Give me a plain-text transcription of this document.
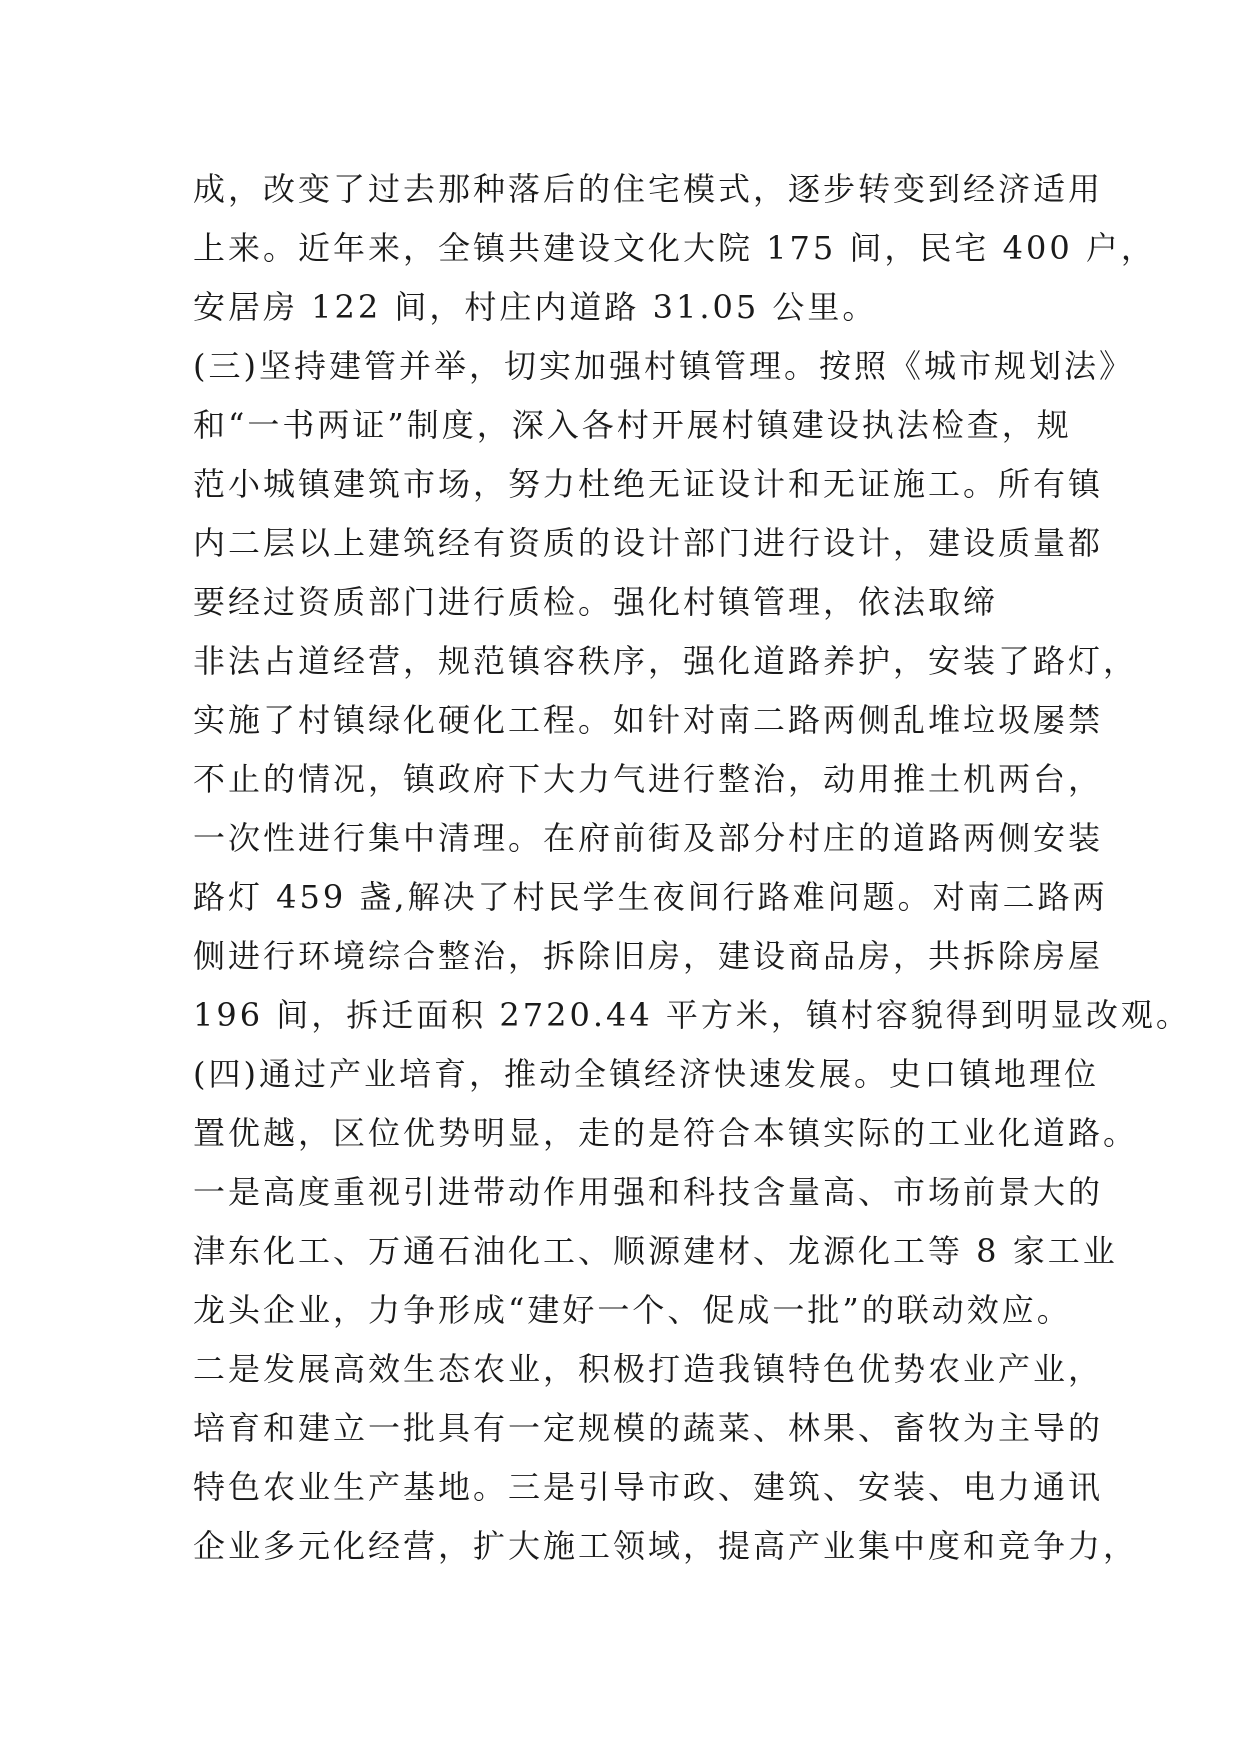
成，改变了过去那种落后的住宅模式，逐步转变到经济适用
上来。近年来，全镇共建设文化大院 175 间，民宅 400 户，
安居房 122 间，村庄内道路 31.05 公里。
(三)坚持建管并举，切实加强村镇管理。按照《城市规划法》
和“一书两证”制度，深入各村开展村镇建设执法检查，规
范小城镇建筑市场，努力杜绝无证设计和无证施工。所有镇
内二层以上建筑经有资质的设计部门进行设计，建设质量都
要经过资质部门进行质检。强化村镇管理，依法取缔
非法占道经营，规范镇容秩序，强化道路养护，安装了路灯，
实施了村镇绿化硬化工程。如针对南二路两侧乱堆垃圾屡禁
不止的情况，镇政府下大力气进行整治，动用推土机两台，
一次性进行集中清理。在府前街及部分村庄的道路两侧安装
路灯 459 盏,解决了村民学生夜间行路难问题。对南二路两
侧进行环境综合整治，拆除旧房，建设商品房，共拆除房屋
196 间，拆迁面积 2720.44 平方米，镇村容貌得到明显改观。
(四)通过产业培育，推动全镇经济快速发展。史口镇地理位
置优越，区位优势明显，走的是符合本镇实际的工业化道路。
一是高度重视引进带动作用强和科技含量高、市场前景大的
津东化工、万通石油化工、顺源建材、龙源化工等 8 家工业
龙头企业，力争形成“建好一个、促成一批”的联动效应。
二是发展高效生态农业，积极打造我镇特色优势农业产业，
培育和建立一批具有一定规模的蔬菜、林果、畜牧为主导的
特色农业生产基地。三是引导市政、建筑、安装、电力通讯
企业多元化经营，扩大施工领域，提高产业集中度和竞争力，
